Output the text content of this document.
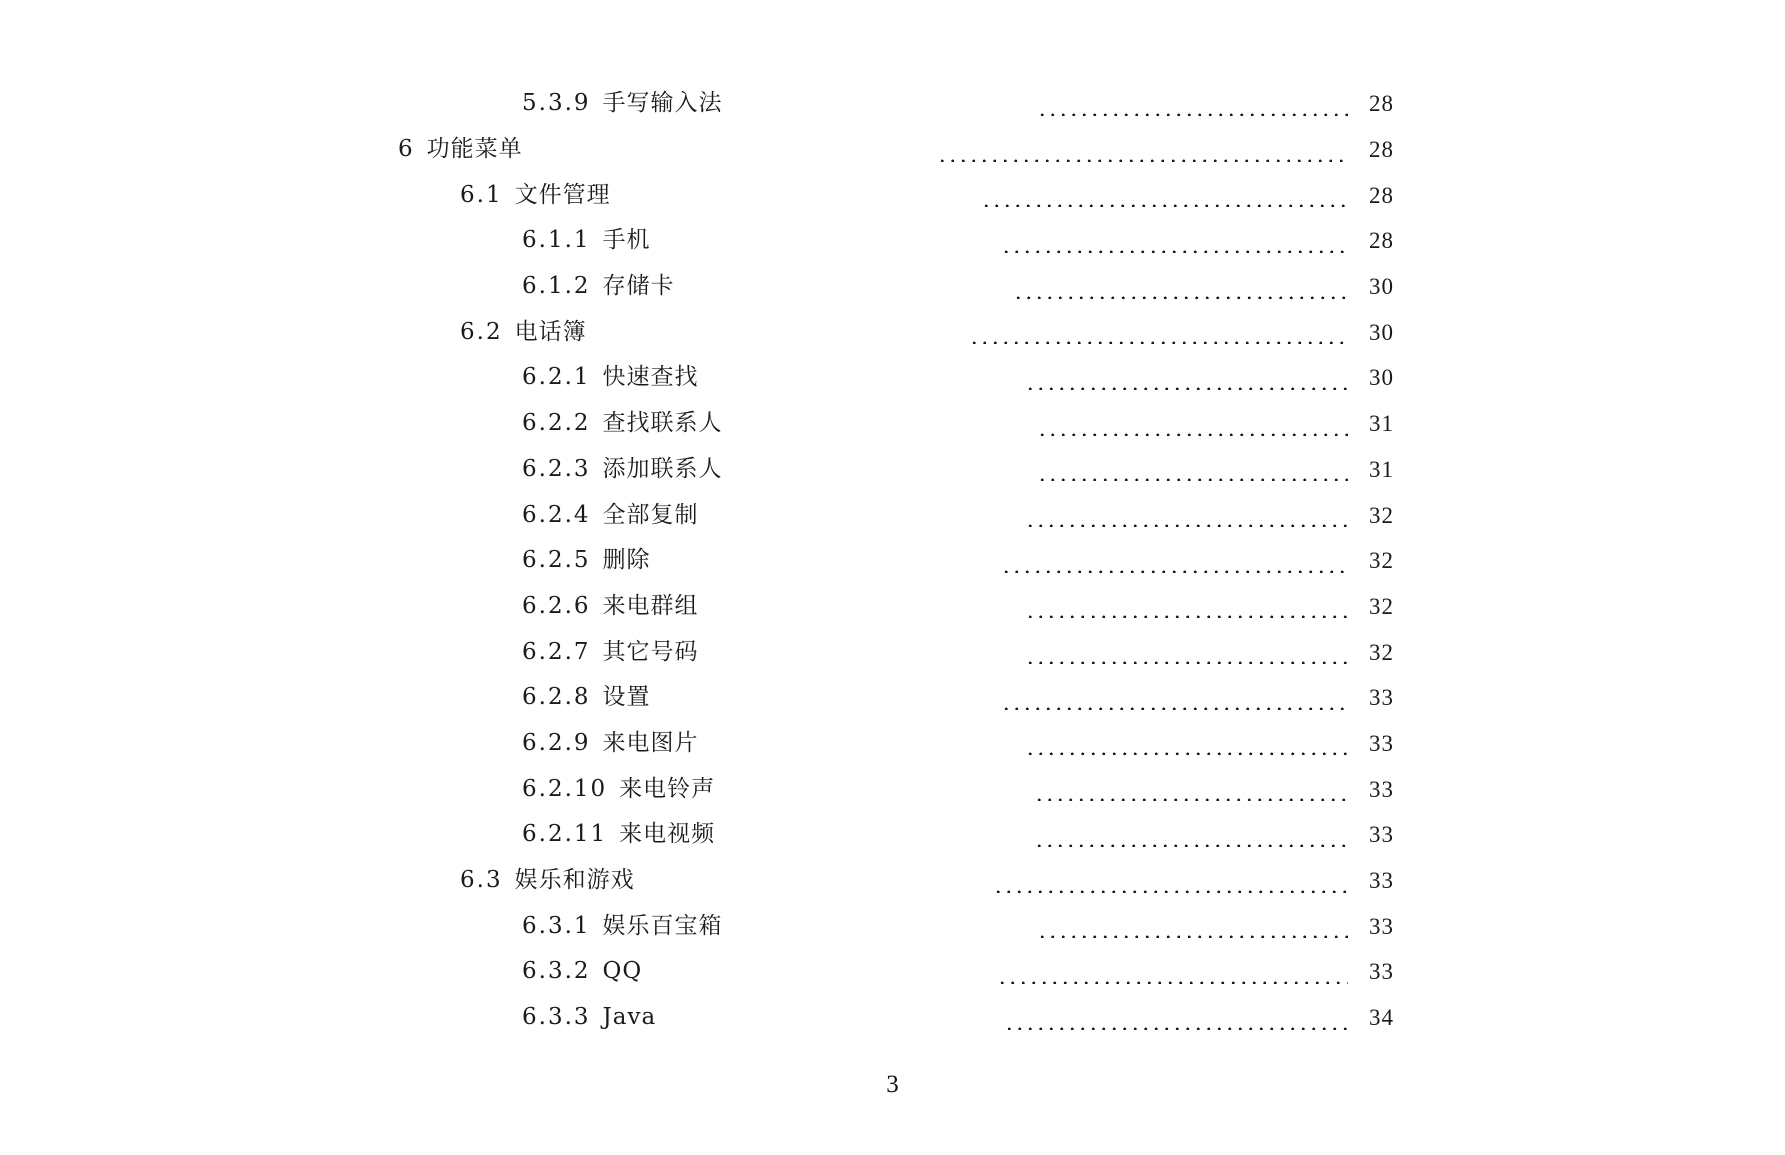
5.3.9 手写输入法	28
6 功能菜单	28
6.1 文件管理	28
6.1.1 手机	28
6.1.2 存储卡	30
6.2 电话簿	30
6.2.1 快速查找	30
6.2.2 查找联系人	31
6.2.3 添加联系人	31
6.2.4 全部复制	32
6.2.5 删除	32
6.2.6 来电群组	32
6.2.7 其它号码	32
6.2.8 设置	33
6.2.9 来电图片	33
6.2.10 来电铃声	33
6.2.11 来电视频	33
6.3 娱乐和游戏	33
6.3.1 娱乐百宝箱	33
6.3.2 QQ	33
6.3.3 Java	34
3
